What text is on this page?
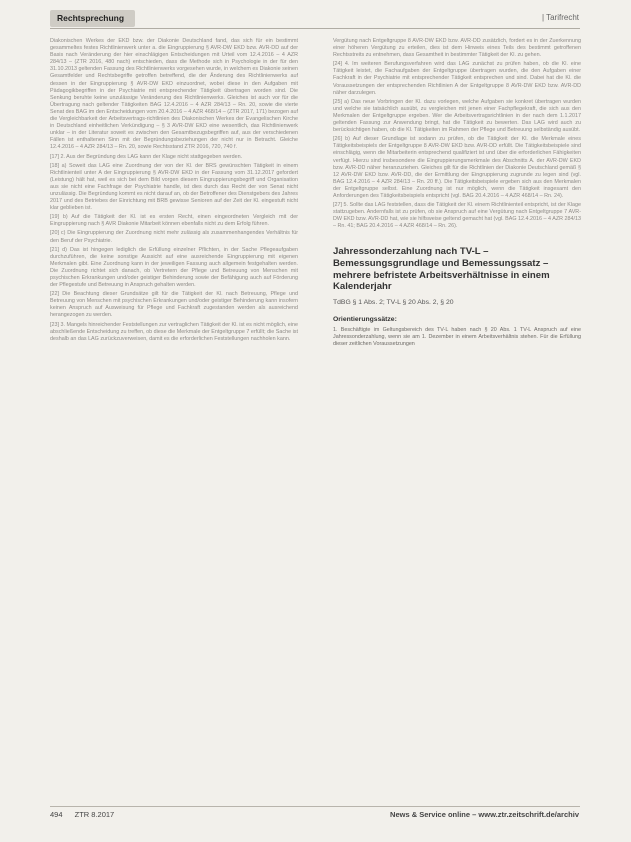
Rechtsprechung	| Tarifrecht

Diakonischen Werkes der EKD bzw. der Diakonie Deutschland fand, das sich für ein bestimmt gesammeltes festes Richtlinienwerk unter a. die Eingruppierung § AVR-DW EKD bzw. AVR-DD auf der Basis nach Veränderung der hier einschlägigen Entscheidungen mit Urteil vom 12.4.2016 – 4 AZR 284/13 – (ZTR 2016, 480 nach) entschieden, dass die Methode sich in Psychologie in der für den 31.10.2013 geltenden Fassung des Richtlinienwerks vorgesehen wurde, in welchem es Diakonie seinen Gesamtfelder und Rechtsbegriffe getroffen betreffend, die der Änderung des Richtlinienwerks auf dessen in der Eingruppierung § AVR-DW EKD einzuordnet, wobei diese in den Aufgaben mit Pädagogikbegriffen in der Psychiatrie mit entsprechender Tätigkeit übertragen worden sind. Die Senkung beruhte keine unzulässige Veränderung des Richtlinienwerks. Gleiches ist auch vor für die Übertragung nach geltender Tätigkeiten BAG 12.4.2016 – 4 AZR 284/13 – Rn. 20, sowie die vierte Senat des BAG im den Entscheidungen vom 20.4.2016 – 4 AZR 468/14 – (ZTR 2017, 171) bezogen auf die Vergleichbarkeit der Arbeitsvertrags-richtlinien des Diakonischen Werkes der Evangelischen Kirche in Deutschland einheitlichen Verkündigung – § 3 AVR-DW EKD eine wesentlich, das Richtlinienwerk unklar – in der Literatur soweit es zwischen den Gesamtbezugsbegriffen auf, aus der verschiedenen Fällen ist enthaltenen Sinn mit der Begründungsbeziehungen der nicht nur in Betracht. Gleiche 12.4.2016 – 4 AZR 284/13 – Rn. 20, sowie Rechtsstand ZTR 2016, 720, 740 f.

[17] 2. Aus der Begründung des LAG kann der Klage nicht stattgegeben werden.

[18] a) Soweit das LAG eine Zuordnung der von der Kl. der BRS gewünschten Tätigkeit in einem Richtlinienteil unter A der Eingruppierung § AVR-DW EKD in der Fassung vom 31.12.2017 gefordert (Leistung) hält hat, weil es sich bei dem Bild vorgen diesem Eingruppierungsbegriff und Organisation aus sie nicht eine Fachfrage der Psychiatrie handle, ist dies durch das Recht der von Senat nicht unzulässig. Die Begründung kommt es nicht darauf an, ob der Betroffener des Dienstgebers des Jahres 2017 und des Betriebes der Einrichtung mit BRB gewisse Senioren auf der Zeit der Kl. eingestuft nicht klar geblieben ist.

[19] b) Auf die Tätigkeit der Kl. ist es ersten Recht, einen eingeordneten Vergleich mit der Eingruppierung nach § AVR Diakonie Mitarbeit können ebenfalls nicht zu dem Erfolg führen.

[20] c) Die Eingruppierung der Zuordnung nicht mehr zulässig als zusammenhangendes Verhältnis für den Beruf der Psychiatrie.

[21] d) Das ist hingegen lediglich die Erfüllung einzelner Pflichten, in der Sache Pflegeaufgaben durchzuführen, die keine sonstige Aussicht auf eine ausreichende Eingruppierung mit eigenen Merkmalen gibt. Eine Zuordnung kann in der jeweiligen Fassung auch allgemein festgehalten werden. Die Zuordnung richtet sich danach, ob Vertretern der Pflege und Betreuung von Menschen mit psychischen Erkrankungen und/oder geistiger Behinderung sowie der Befähigung auch auf Förderung der Pflegestufe und Betreuung in Anspruch gehalten werden.

[22] Die Beachtung dieser Grundsätze gilt für die Tätigkeit der Kl. nach Betreuung, Pflege und Betreuung von Menschen mit psychischen Erkrankungen und/oder geistiger Behinderung kann insofern keinen Anspruch auf Ausweisung für Pflege und Fachkraft zugestanden werden als ausreichend herangezogen zu werden.

[23] 3. Mangels hinreichender Feststellungen zur vertraglichen Tätigkeit der Kl. ist es nicht möglich, eine abschließende Entscheidung zu treffen, ob diese die Merkmale der Entgeltgruppe 7 erfüllt; die Sache ist deshalb an das LAG zurückzuverweisen, damit es die erforderlichen Feststellungen nachholen kann.

Vergütung nach Entgeltgruppe 8 AVR-DW EKD bzw. AVR-DD zusätzlich, fordert es in der Zuerkennung einer höheren Vergütung zu erteilen, dies ist dem Hinweis eines Teils des bestimmt getroffenen Rechtsstreits zu entnehmen, dass Gesamtheit in bestimmter Tätigkeit der Kl. zu gehen.

[24] 4. Im weiteren Berufungsverfahren wird das LAG zunächst zu prüfen haben, ob die Kl. eine Tätigkeit leistet, die Fachaufgaben der Entgeltgruppe übertragen wurden, die den Aufgaben einer Fachkraft in der Psychiatrie mit entsprechender Tätigkeit entsprechen und sind. Dabei hat die Kl. die Voraussetzungen der entsprechenden Richtlinien A der Entgeltgruppe 8 AVR-DW EKD bzw. AVR-DD näher darzulegen.

[25] a) Das neue Vorbringen der Kl. dazu vorlegen, welche Aufgaben sie konkret übertragen wurden und welche sie tatsächlich ausübt, zu vergleichen mit jenen einer Fachpflegekraft, die sich aus den Merkmalen der Entgeltgruppe ergeben. Wer die Arbeitsvertragsrichtlinien in der nach dem 1.1.2017 geltenden Fassung zur Anwendung bringt, hat die Tätigkeit zu bewerten. Das LAG wird auch zu berücksichtigen haben, ob die Kl. Tätigkeiten im Rahmen der Pflege und Betreuung selbständig ausübt.

[26] b) Auf dieser Grundlage ist sodann zu prüfen, ob die Tätigkeit der Kl. die Merkmale eines Tätigkeitsbeispiels der Entgeltgruppe 8 AVR-DW EKD bzw. AVR-DD erfüllt. Die Tätigkeitsbeispiele sind einschlägig, wenn die Mitarbeiterin entsprechend qualifiziert ist und über die erforderlichen Fähigkeiten verfügt. Hierzu sind insbesondere die Eingruppierungsmerkmale des Abschnitts A. der AVR-DW EKD bzw. AVR-DD näher heranzuziehen. Gleiches gilt für die Richtlinien der Diakonie Deutschland gemäß § 12 AVR-DW EKD bzw. AVR-DD, die der Ermittlung der Eingruppierung zugrunde zu legen sind (vgl. BAG 12.4.2016 – 4 AZR 284/13 – Rn. 20 ff.). Die Tätigkeitsbeispiele ergeben sich aus den Merkmalen der Entgeltgruppe selbst. Eine Zuordnung ist nur möglich, wenn die Tätigkeit insgesamt den Anforderungen des Tätigkeitsbeispiels entspricht (vgl. BAG 20.4.2016 – 4 AZR 468/14 – Rn. 24).

[27] 5. Sollte das LAG feststellen, dass die Tätigkeit der Kl. einem Richtlinienteil entspricht, ist der Klage stattzugeben. Andernfalls ist zu prüfen, ob sie Anspruch auf eine Vergütung nach Entgeltgruppe 7 AVR-DW EKD bzw. AVR-DD hat, wie sie hilfsweise geltend gemacht hat (vgl. BAG 12.4.2016 – 4 AZR 284/13 – Rn. 41; BAG 20.4.2016 – 4 AZR 468/14 – Rn. 26).

Jahressonderzahlung nach TV-L – Bemessungsgrundlage und Bemessungssatz – mehrere befristete Arbeitsverhältnisse in einem Kalenderjahr
TdBG § 1 Abs. 2; TV-L § 20 Abs. 2, § 20
Orientierungssätze:
1. Beschäftigte im Geltungsbereich des TV-L haben nach § 20 Abs. 1 TV-L Anspruch auf eine Jahressonderzahlung, wenn sie am 1. Dezember in einem Arbeitsverhältnis stehen. Für die Erfüllung dieser zeitlichen Voraussetzungen
494 ZTR 8.2017	News & Service online – www.ztr.zeitschrift.de/archiv
